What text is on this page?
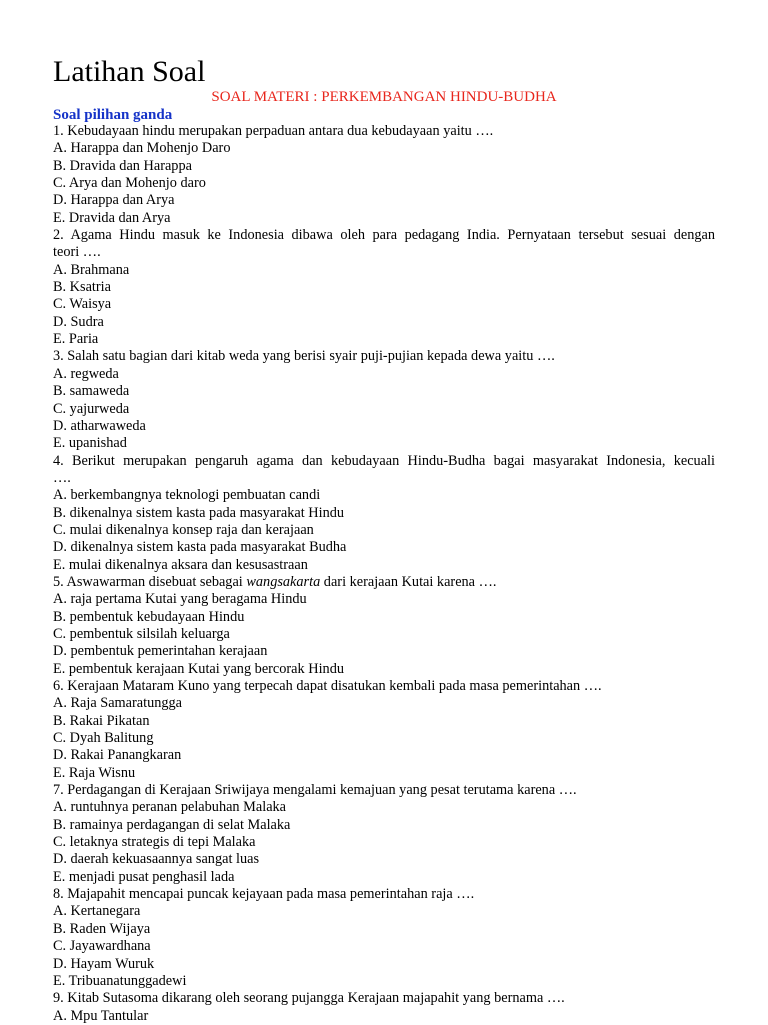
Latihan Soal
SOAL MATERI : PERKEMBANGAN HINDU-BUDHA
Soal pilihan ganda

1. Kebudayaan hindu merupakan perpaduan antara dua kebudayaan yaitu ….

A. Harappa dan Mohenjo Daro

B. Dravida dan Harappa

C. Arya dan Mohenjo daro

D. Harappa dan Arya

E. Dravida dan Arya

2. Agama Hindu masuk ke Indonesia dibawa oleh para pedagang India. Pernyataan tersebut sesuai dengan

teori ….

A. Brahmana

B. Ksatria

C. Waisya

D. Sudra

E. Paria

3. Salah satu bagian dari kitab weda yang berisi syair puji-pujian kepada dewa yaitu ….

A. regweda

B. samaweda

C. yajurweda

D. atharwaweda

E. upanishad

4. Berikut merupakan pengaruh agama dan kebudayaan Hindu-Budha bagai masyarakat Indonesia, kecuali

….

A. berkembangnya teknologi pembuatan candi

B. dikenalnya sistem kasta pada masyarakat Hindu

C. mulai dikenalnya konsep raja dan kerajaan

D. dikenalnya sistem kasta pada masyarakat Budha

E. mulai dikenalnya aksara dan kesusastraan

5. Aswawarman disebuat sebagai wangsakarta dari kerajaan Kutai karena ….

A. raja pertama Kutai yang beragama Hindu

B. pembentuk kebudayaan Hindu

C. pembentuk silsilah keluarga

D. pembentuk pemerintahan kerajaan

E. pembentuk kerajaan Kutai yang bercorak Hindu

6. Kerajaan Mataram Kuno yang terpecah dapat disatukan kembali pada masa pemerintahan ….

A. Raja Samaratungga

B. Rakai Pikatan

C. Dyah Balitung

D. Rakai Panangkaran

E. Raja Wisnu

7. Perdagangan di Kerajaan Sriwijaya mengalami kemajuan yang pesat terutama karena ….

A. runtuhnya peranan pelabuhan Malaka

B. ramainya perdagangan di selat Malaka

C. letaknya strategis di tepi Malaka

D. daerah kekuasaannya sangat luas

E. menjadi pusat penghasil lada

8. Majapahit mencapai puncak kejayaan pada masa pemerintahan raja ….

A. Kertanegara

B. Raden Wijaya

C. Jayawardhana

D. Hayam Wuruk

E. Tribuanatunggadewi

9. Kitab Sutasoma dikarang oleh seorang pujangga Kerajaan majapahit yang bernama ….

A. Mpu Tantular
